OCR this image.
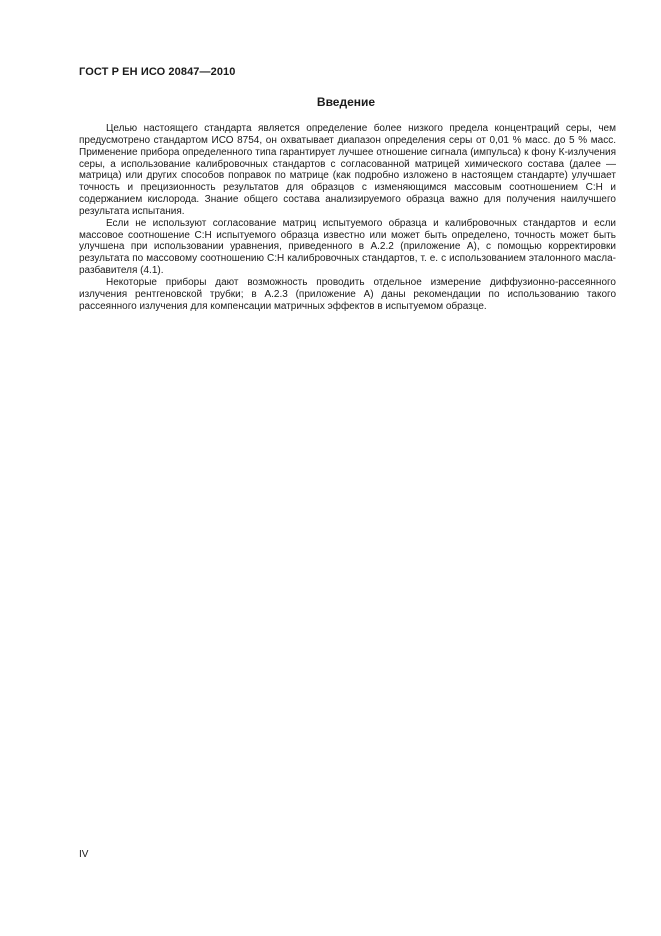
ГОСТ Р ЕН ИСО 20847—2010
Введение

Целью настоящего стандарта является определение более низкого предела концентраций серы, чем предусмотрено стандартом ИСО 8754, он охватывает диапазон определения серы от 0,01 % масс. до 5 % масс. Применение прибора определенного типа гарантирует лучшее отношение сигнала (импульса) к фону К-излучения серы, а использование калибровочных стандартов с согласованной матрицей химического состава (далее — матрица) или других способов поправок по матрице (как подробно изложено в настоящем стандарте) улучшает точность и прецизионность результатов для образцов с изменяющимся массовым соотношением С:Н и содержанием кислорода. Знание общего состава анализируемого образца важно для получения наилучшего результата испытания.

Если не используют согласование матриц испытуемого образца и калибровочных стандартов и если массовое соотношение С:Н испытуемого образца известно или может быть определено, точность может быть улучшена при использовании уравнения, приведенного в А.2.2 (приложение А), с помощью корректировки результата по массовому соотношению С:Н калибровочных стандартов, т. е. с использованием эталонного масла-разбавителя (4.1).

Некоторые приборы дают возможность проводить отдельное измерение диффузионно-рассеянного излучения рентгеновской трубки; в А.2.3 (приложение А) даны рекомендации по использованию такого рассеянного излучения для компенсации матричных эффектов в испытуемом образце.

IV
